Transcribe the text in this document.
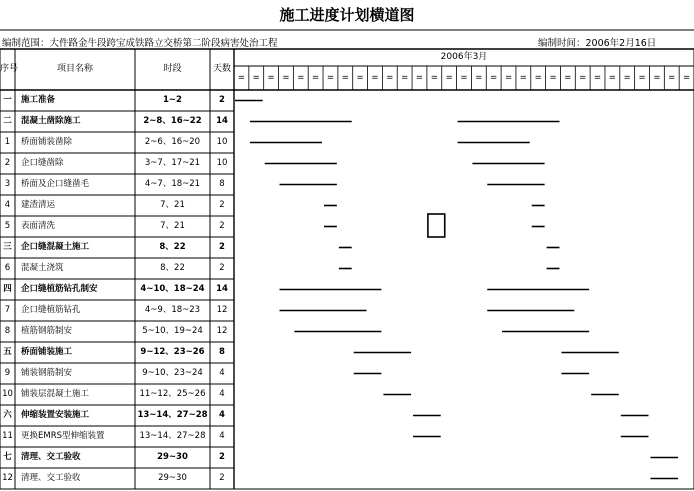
施工进度计划横道图
编制范围：大件路金牛段跨宝成铁路立交桥第二阶段病害处治工程	编制时间：2006年2月16日
序号	项目名称	时段	天数
2006年3月
= = = = = = = = = = = = = = = = = = = = = = = = = = = = = = =
一	施工准备	1~2	2
二	混凝土凿除施工	2~8、16~22	14
1	桥面铺装凿除	2~6、16~20	10
2	企口缝凿除	3~7、17~21	10
3	桥面及企口缝凿毛	4~7、18~21	8
4	建渣清运	7、21	2
5	表面清洗	7、21	2
三	企口缝混凝土施工	8、22	2
6	混凝土浇筑	8、22	2
四	企口缝植筋钻孔制安	4~10、18~24	14
7	企口缝植筋钻孔	4~9、18~23	12
8	植筋钢筋制安	5~10、19~24	12
五	桥面铺装施工	9~12、23~26	8
9	铺装钢筋制安	9~10、23~24	4
10 铺装层混凝土施工	11~12、25~26	4
六	伸缩装置安装施工	13~14、27~28	4
11 更换EMRS型伸缩装置	13~14、27~28	4
七	清理、交工验收	29~30	2
12 清理、交工验收	29~30	2
